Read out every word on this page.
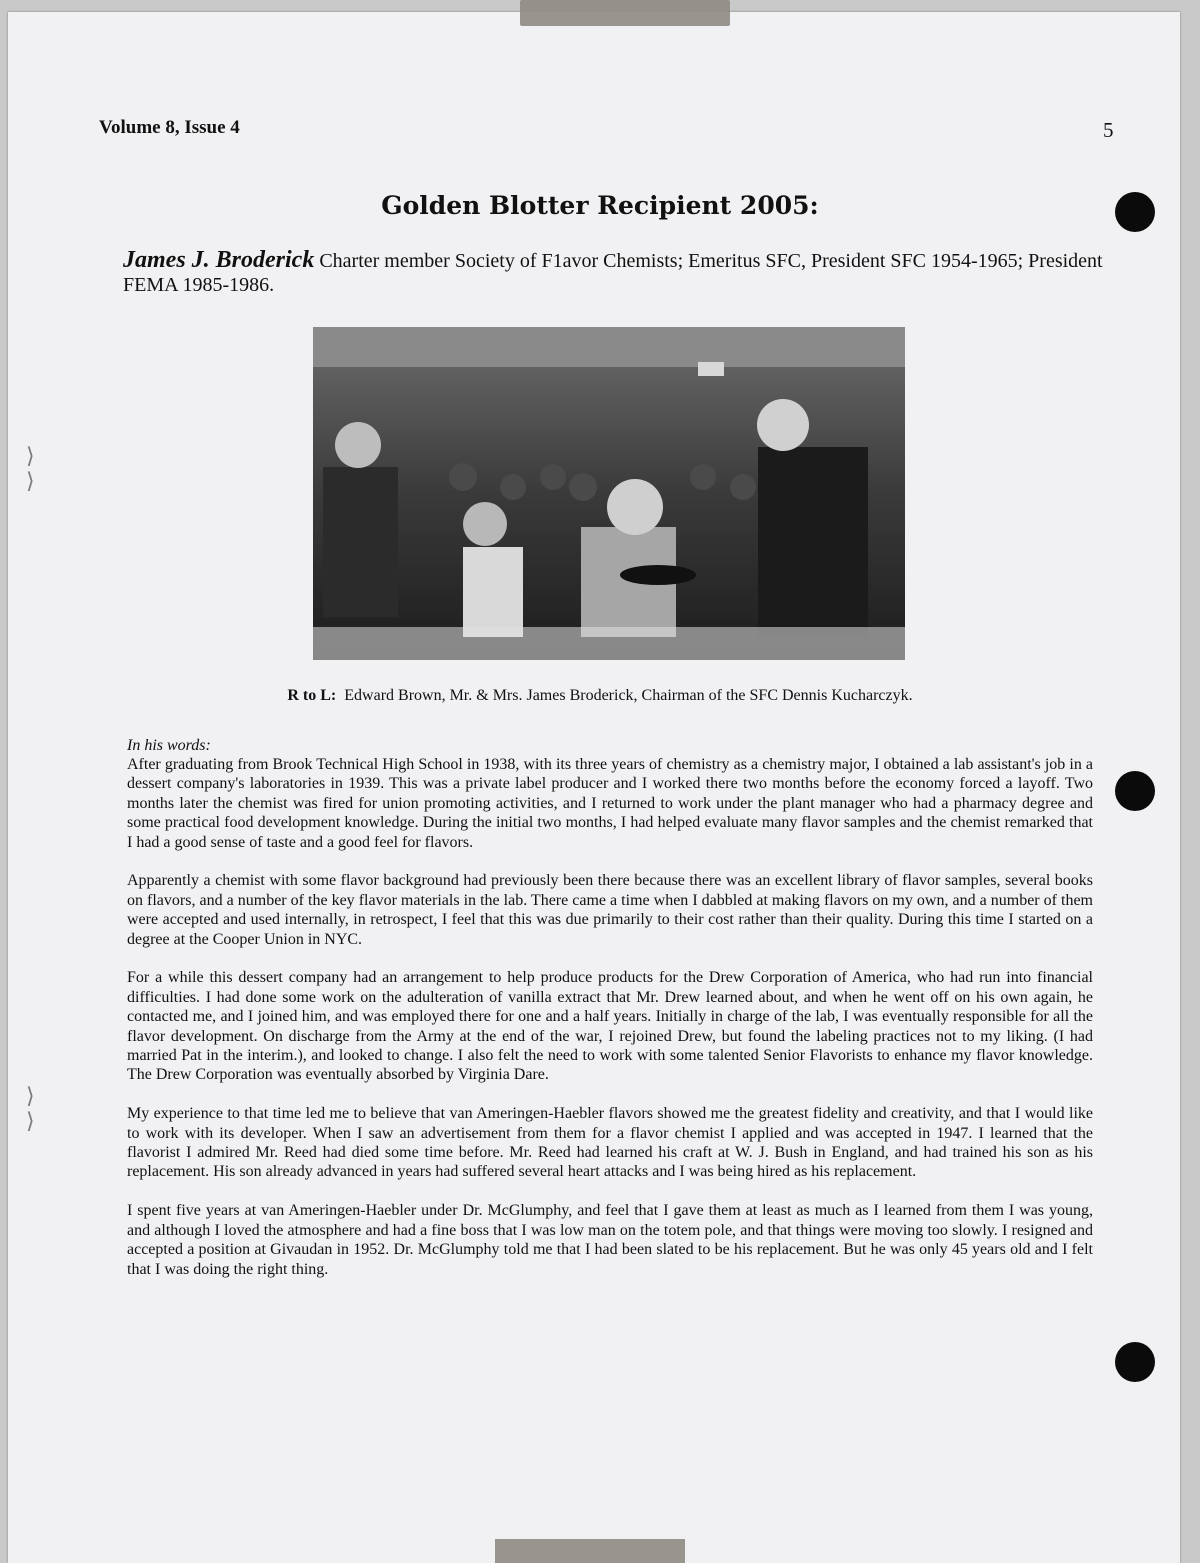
⟩
⟩
⟩
⟩
Volume 8, Issue 4	5
Golden Blotter Recipient 2005:
James J. Broderick Charter member Society of F1avor Chemists; Emeritus SFC, President SFC 1954-1965; President FEMA 1985-1986.
R to L: Edward Brown, Mr. & Mrs. James Broderick, Chairman of the SFC Dennis Kucharczyk.
In his words:

After graduating from Brook Technical High School in 1938, with its three years of chemistry as a chemistry major, I obtained a lab assistant's job in a dessert company's laboratories in 1939. This was a private label producer and I worked there two months before the economy forced a layoff. Two months later the chemist was fired for union promoting activities, and I returned to work under the plant manager who had a pharmacy degree and some practical food development knowledge. During the initial two months, I had helped evaluate many flavor samples and the chemist remarked that I had a good sense of taste and a good feel for flavors.

Apparently a chemist with some flavor background had previously been there because there was an excellent library of flavor samples, several books on flavors, and a number of the key flavor materials in the lab. There came a time when I dabbled at making flavors on my own, and a number of them were accepted and used internally, in retrospect, I feel that this was due primarily to their cost rather than their quality. During this time I started on a degree at the Cooper Union in NYC.

For a while this dessert company had an arrangement to help produce products for the Drew Corporation of America, who had run into financial difficulties. I had done some work on the adulteration of vanilla extract that Mr. Drew learned about, and when he went off on his own again, he contacted me, and I joined him, and was employed there for one and a half years. Initially in charge of the lab, I was eventually responsible for all the flavor development. On discharge from the Army at the end of the war, I rejoined Drew, but found the labeling practices not to my liking. (I had married Pat in the interim.), and looked to change. I also felt the need to work with some talented Senior Flavorists to enhance my flavor knowledge. The Drew Corporation was eventually absorbed by Virginia Dare.

My experience to that time led me to believe that van Ameringen-Haebler flavors showed me the greatest fidelity and creativity, and that I would like to work with its developer. When I saw an advertisement from them for a flavor chemist I applied and was accepted in 1947. I learned that the flavorist I admired Mr. Reed had died some time before. Mr. Reed had learned his craft at W. J. Bush in England, and had trained his son as his replacement. His son already advanced in years had suffered several heart attacks and I was being hired as his replacement.

I spent five years at van Ameringen-Haebler under Dr. McGlumphy, and feel that I gave them at least as much as I learned from them I was young, and although I loved the atmosphere and had a fine boss that I was low man on the totem pole, and that things were moving too slowly. I resigned and accepted a position at Givaudan in 1952. Dr. McGlumphy told me that I had been slated to be his replacement. But he was only 45 years old and I felt that I was doing the right thing.
